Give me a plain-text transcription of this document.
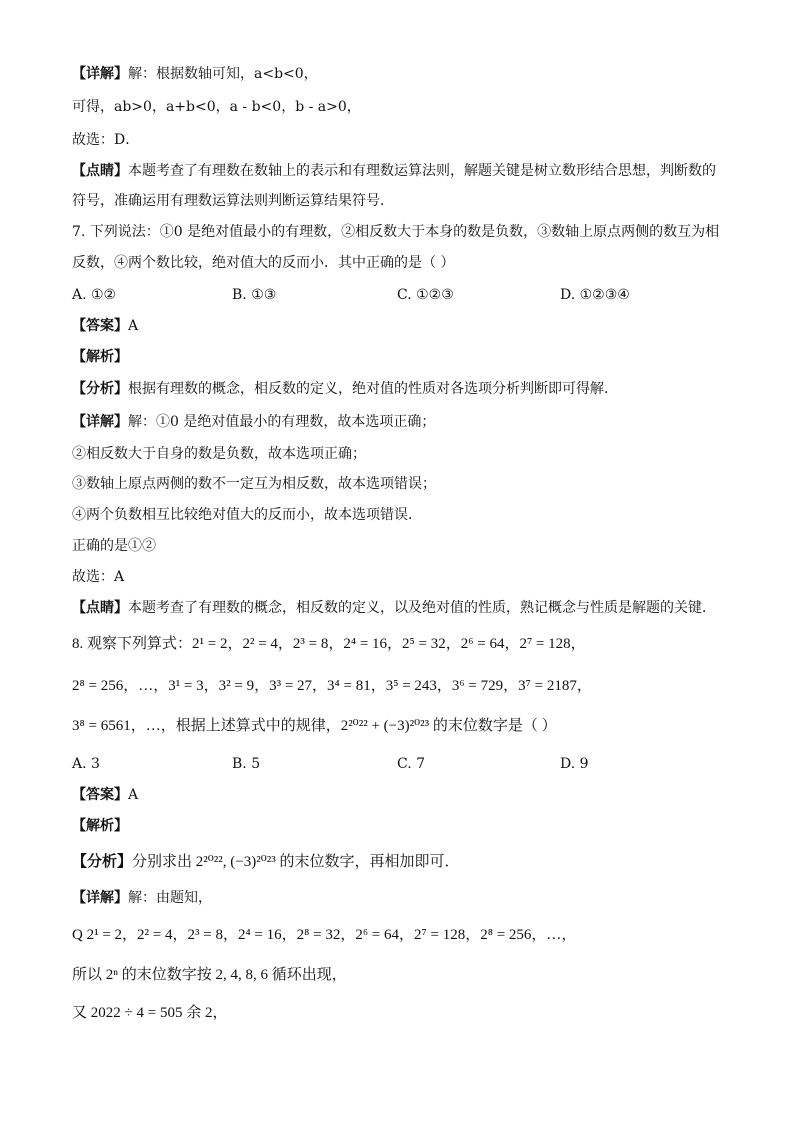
【详解】解：根据数轴可知，a<b<0，
可得，ab>0，a+b<0，a - b<0，b - a>0，
故选：D．
【点睛】本题考查了有理数在数轴上的表示和有理数运算法则，解题关键是树立数形结合思想，判断数的
符号，准确运用有理数运算法则判断运算结果符号．
7. 下列说法：①0 是绝对值最小的有理数，②相反数大于本身的数是负数，③数轴上原点两侧的数互为相
反数，④两个数比较，绝对值大的反而小．其中正确的是（ ）
A. ①②	B. ①③	C. ①②③	D. ①②③④
【答案】A
【解析】
【分析】根据有理数的概念，相反数的定义，绝对值的性质对各选项分析判断即可得解．
【详解】解：①0 是绝对值最小的有理数，故本选项正确；
②相反数大于自身的数是负数，故本选项正确；
③数轴上原点两侧的数不一定互为相反数，故本选项错误；
④两个负数相互比较绝对值大的反而小，故本选项错误．
正确的是①②
故选：A
【点睛】本题考查了有理数的概念，相反数的定义，以及绝对值的性质，熟记概念与性质是解题的关键．
8. 观察下列算式：2¹ = 2，2² = 4，2³ = 8，2⁴ = 16，2⁵ = 32，2⁶ = 64，2⁷ = 128，
2⁸ = 256，…，3¹ = 3，3² = 9，3³ = 27，3⁴ = 81，3⁵ = 243，3⁶ = 729，3⁷ = 2187，
3⁸ = 6561，…，根据上述算式中的规律，2²⁰²² + (−3)²⁰²³ 的末位数字是（ ）
A. 3	B. 5	C. 7	D. 9
【答案】A
【解析】
【分析】分别求出 2²⁰²², (−3)²⁰²³ 的末位数字，再相加即可．
【详解】解：由题知，
Q 2¹ = 2，2² = 4，2³ = 8，2⁴ = 16，2⁸ = 32，2⁶ = 64，2⁷ = 128，2⁸ = 256，…，
所以 2ⁿ 的末位数字按 2, 4, 8, 6 循环出现，
又 2022 ÷ 4 = 505 余 2，
